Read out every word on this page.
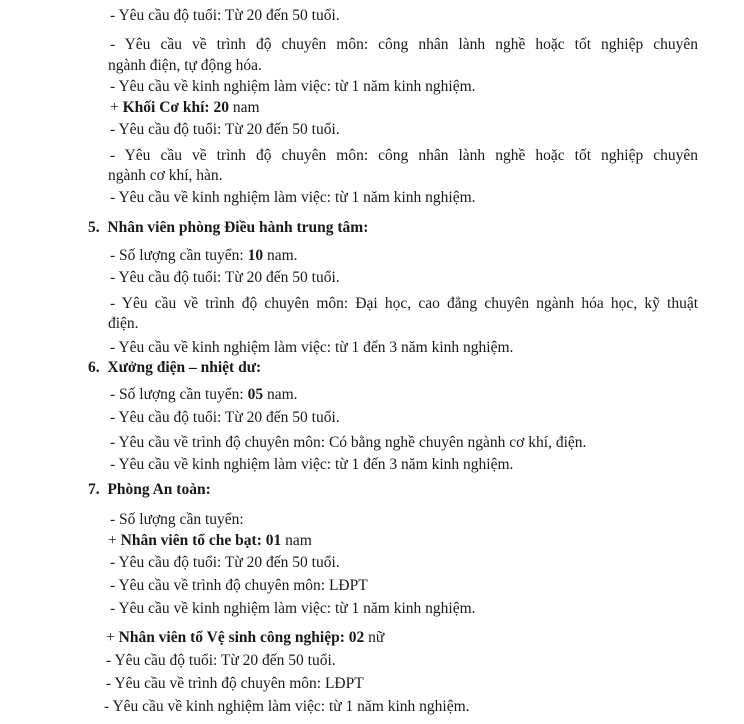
- Yêu cầu độ tuổi: Từ 20 đến 50 tuổi.
- Yêu cầu về trình độ chuyên môn: công nhân lành nghề hoặc tốt nghiệp chuyên
ngành điện, tự động hóa.
- Yêu cầu về kinh nghiệm làm việc: từ 1 năm kinh nghiệm.
+ Khối Cơ khí: 20 nam
- Yêu cầu độ tuổi: Từ 20 đến 50 tuổi.
- Yêu cầu về trình độ chuyên môn: công nhân lành nghề hoặc tốt nghiệp chuyên
ngành cơ khí, hàn.
- Yêu cầu về kinh nghiệm làm việc: từ 1 năm kinh nghiệm.
5. Nhân viên phòng Điều hành trung tâm:
- Số lượng cần tuyển: 10 nam.
- Yêu cầu độ tuổi: Từ 20 đến 50 tuổi.
- Yêu cầu về trình độ chuyên môn: Đại học, cao đẳng chuyên ngành hóa học, kỹ thuật
điện.
- Yêu cầu về kinh nghiệm làm việc: từ 1 đến 3 năm kinh nghiệm.
6. Xưởng điện – nhiệt dư:
- Số lượng cần tuyển: 05 nam.
- Yêu cầu độ tuổi: Từ 20 đến 50 tuổi.
- Yêu cầu về trình độ chuyên môn: Có bằng nghề chuyên ngành cơ khí, điện.
- Yêu cầu về kinh nghiệm làm việc: từ 1 đến 3 năm kinh nghiệm.
7. Phòng An toàn:
- Số lượng cần tuyển:
+ Nhân viên tổ che bạt: 01 nam
- Yêu cầu độ tuổi: Từ 20 đến 50 tuổi.
- Yêu cầu về trình độ chuyên môn: LĐPT
- Yêu cầu về kinh nghiệm làm việc: từ 1 năm kinh nghiệm.
+ Nhân viên tổ Vệ sinh công nghiệp: 02 nữ
- Yêu cầu độ tuổi: Từ 20 đến 50 tuổi.
- Yêu cầu về trình độ chuyên môn: LĐPT
- Yêu cầu về kinh nghiệm làm việc: từ 1 năm kinh nghiệm.
